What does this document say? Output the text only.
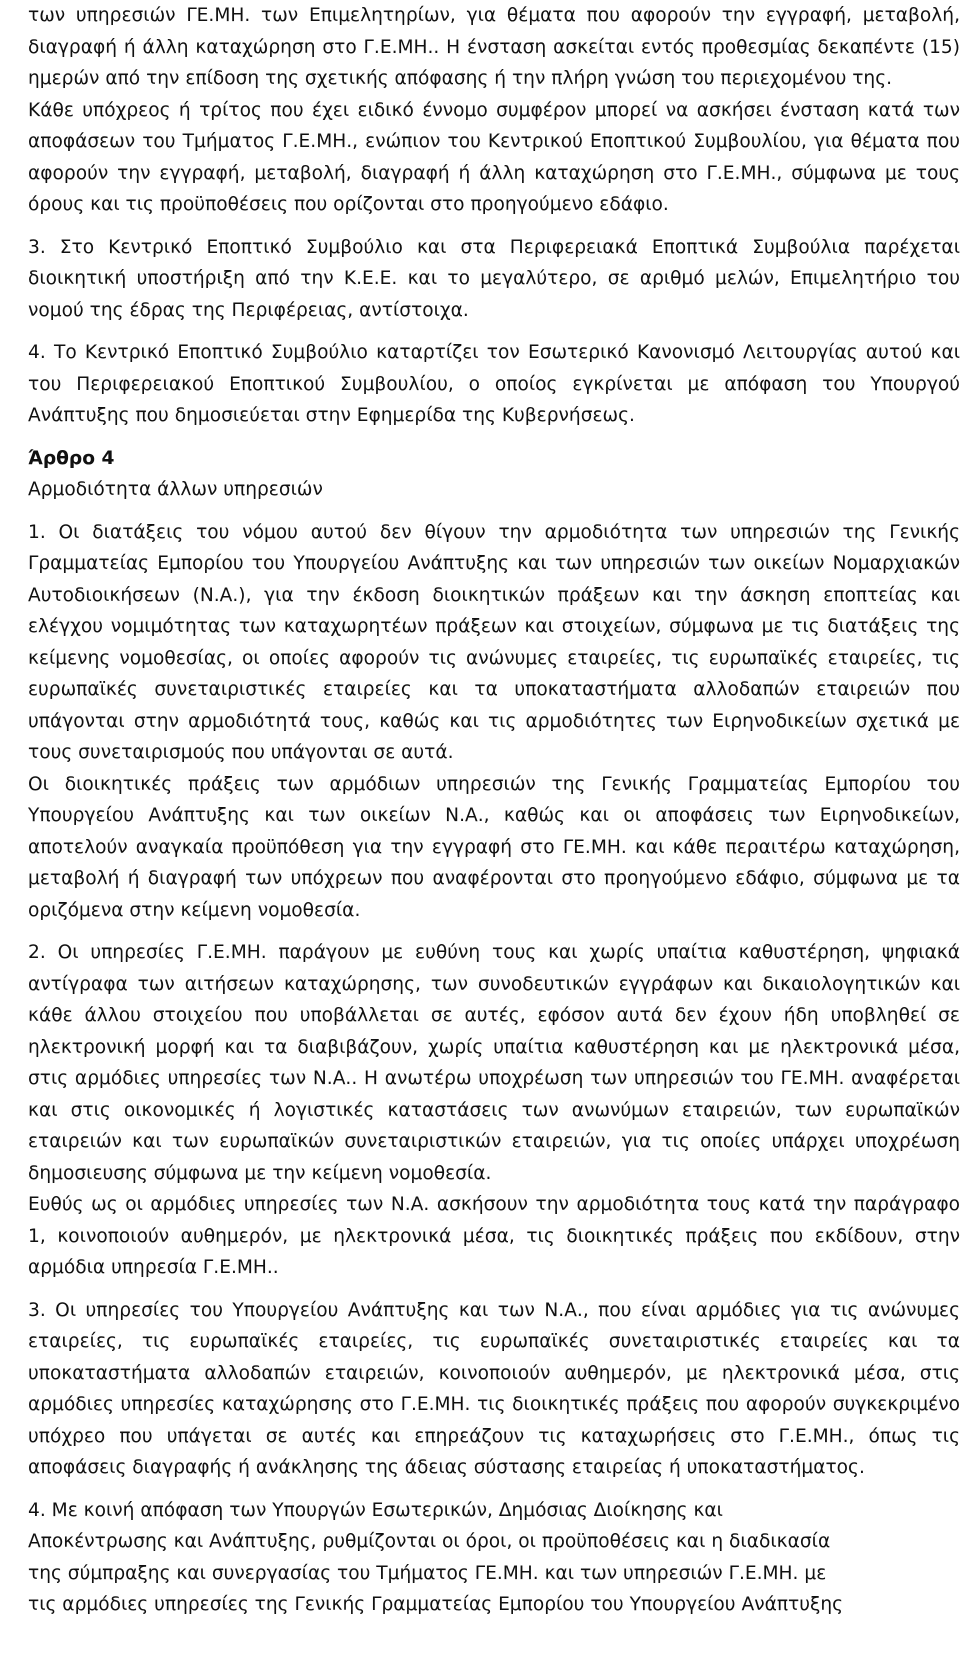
των υπηρεσιών ΓΕ.ΜΗ. των Επιμελητηρίων, για θέματα που αφορούν την εγγραφή, μεταβολή, διαγραφή ή άλλη καταχώρηση στο Γ.Ε.ΜΗ.. Η ένσταση ασκείται εντός προθεσμίας δεκαπέντε (15) ημερών από την επίδοση της σχετικής απόφασης ή την πλήρη γνώση του περιεχομένου της.

Κάθε υπόχρεος ή τρίτος που έχει ειδικό έννομο συμφέρον μπορεί να ασκήσει ένσταση κατά των αποφάσεων του Τμήματος Γ.Ε.ΜΗ., ενώπιον του Κεντρικού Εποπτικού Συμβουλίου, για θέματα που αφορούν την εγγραφή, μεταβολή, διαγραφή ή άλλη καταχώρηση στο Γ.Ε.ΜΗ., σύμφωνα με τους όρους και τις προϋποθέσεις που ορίζονται στο προηγούμενο εδάφιο.

3. Στο Κεντρικό Εποπτικό Συμβούλιο και στα Περιφερειακά Εποπτικά Συμβούλια παρέχεται διοικητική υποστήριξη από την Κ.Ε.Ε. και το μεγαλύτερο, σε αριθμό μελών, Επιμελητήριο του νομού της έδρας της Περιφέρειας, αντίστοιχα.

4. Το Κεντρικό Εποπτικό Συμβούλιο καταρτίζει τον Εσωτερικό Κανονισμό Λειτουργίας αυτού και του Περιφερειακού Εποπτικού Συμβουλίου, ο οποίος εγκρίνεται με απόφαση του Υπουργού Ανάπτυξης που δημοσιεύεται στην Εφημερίδα της Κυβερνήσεως.

Άρθρο 4

Αρμοδιότητα άλλων υπηρεσιών

1. Οι διατάξεις του νόμου αυτού δεν θίγουν την αρμοδιότητα των υπηρεσιών της Γενικής Γραμματείας Εμπορίου του Υπουργείου Ανάπτυξης και των υπηρεσιών των οικείων Νομαρχιακών Αυτοδιοικήσεων (Ν.Α.), για την έκδοση διοικητικών πράξεων και την άσκηση εποπτείας και ελέγχου νομιμότητας των καταχωρητέων πράξεων και στοιχείων, σύμφωνα με τις διατάξεις της κείμενης νομοθεσίας, οι οποίες αφορούν τις ανώνυμες εταιρείες, τις ευρωπαϊκές εταιρείες, τις ευρωπαϊκές συνεταιριστικές εταιρείες και τα υποκαταστήματα αλλοδαπών εταιρειών που υπάγονται στην αρμοδιότητά τους, καθώς και τις αρμοδιότητες των Ειρηνοδικείων σχετικά με τους συνεταιρισμούς που υπάγονται σε αυτά.

Οι διοικητικές πράξεις των αρμόδιων υπηρεσιών της Γενικής Γραμματείας Εμπορίου του Υπουργείου Ανάπτυξης και των οικείων Ν.Α., καθώς και οι αποφάσεις των Ειρηνοδικείων, αποτελούν αναγκαία προϋπόθεση για την εγγραφή στο ΓΕ.ΜΗ. και κάθε περαιτέρω καταχώρηση, μεταβολή ή διαγραφή των υπόχρεων που αναφέρονται στο προηγούμενο εδάφιο, σύμφωνα με τα οριζόμενα στην κείμενη νομοθεσία.

2. Οι υπηρεσίες Γ.Ε.ΜΗ. παράγουν με ευθύνη τους και χωρίς υπαίτια καθυστέρηση, ψηφιακά αντίγραφα των αιτήσεων καταχώρησης, των συνοδευτικών εγγράφων και δικαιολογητικών και κάθε άλλου στοιχείου που υποβάλλεται σε αυτές, εφόσον αυτά δεν έχουν ήδη υποβληθεί σε ηλεκτρονική μορφή και τα διαβιβάζουν, χωρίς υπαίτια καθυστέρηση και με ηλεκτρονικά μέσα, στις αρμόδιες υπηρεσίες των Ν.Α.. Η ανωτέρω υποχρέωση των υπηρεσιών του ΓΕ.ΜΗ. αναφέρεται και στις οικονομικές ή λογιστικές καταστάσεις των ανωνύμων εταιρειών, των ευρωπαϊκών εταιρειών και των ευρωπαϊκών συνεταιριστικών εταιρειών, για τις οποίες υπάρχει υποχρέωση δημοσιευσης σύμφωνα με την κείμενη νομοθεσία.

Ευθύς ως οι αρμόδιες υπηρεσίες των Ν.Α. ασκήσουν την αρμοδιότητα τους κατά την παράγραφο 1, κοινοποιούν αυθημερόν, με ηλεκτρονικά μέσα, τις διοικητικές πράξεις που εκδίδουν, στην αρμόδια υπηρεσία Γ.Ε.ΜΗ..

3. Οι υπηρεσίες του Υπουργείου Ανάπτυξης και των Ν.Α., που είναι αρμόδιες για τις ανώνυμες εταιρείες, τις ευρωπαϊκές εταιρείες, τις ευρωπαϊκές συνεταιριστικές εταιρείες και τα υποκαταστήματα αλλοδαπών εταιρειών, κοινοποιούν αυθημερόν, με ηλεκτρονικά μέσα, στις αρμόδιες υπηρεσίες καταχώρησης στο Γ.Ε.ΜΗ. τις διοικητικές πράξεις που αφορούν συγκεκριμένο υπόχρεο που υπάγεται σε αυτές και επηρεάζουν τις καταχωρήσεις στο Γ.Ε.ΜΗ., όπως τις αποφάσεις διαγραφής ή ανάκλησης της άδειας σύστασης εταιρείας ή υποκαταστήματος.

4. Με κοινή απόφαση των Υπουργών Εσωτερικών, Δημόσιας Διοίκησης και
Αποκέντρωσης και Ανάπτυξης, ρυθμίζονται οι όροι, οι προϋποθέσεις και η διαδικασία
της σύμπραξης και συνεργασίας του Τμήματος ΓΕ.ΜΗ. και των υπηρεσιών Γ.Ε.ΜΗ. με
τις αρμόδιες υπηρεσίες της Γενικής Γραμματείας Εμπορίου του Υπουργείου Ανάπτυξης
